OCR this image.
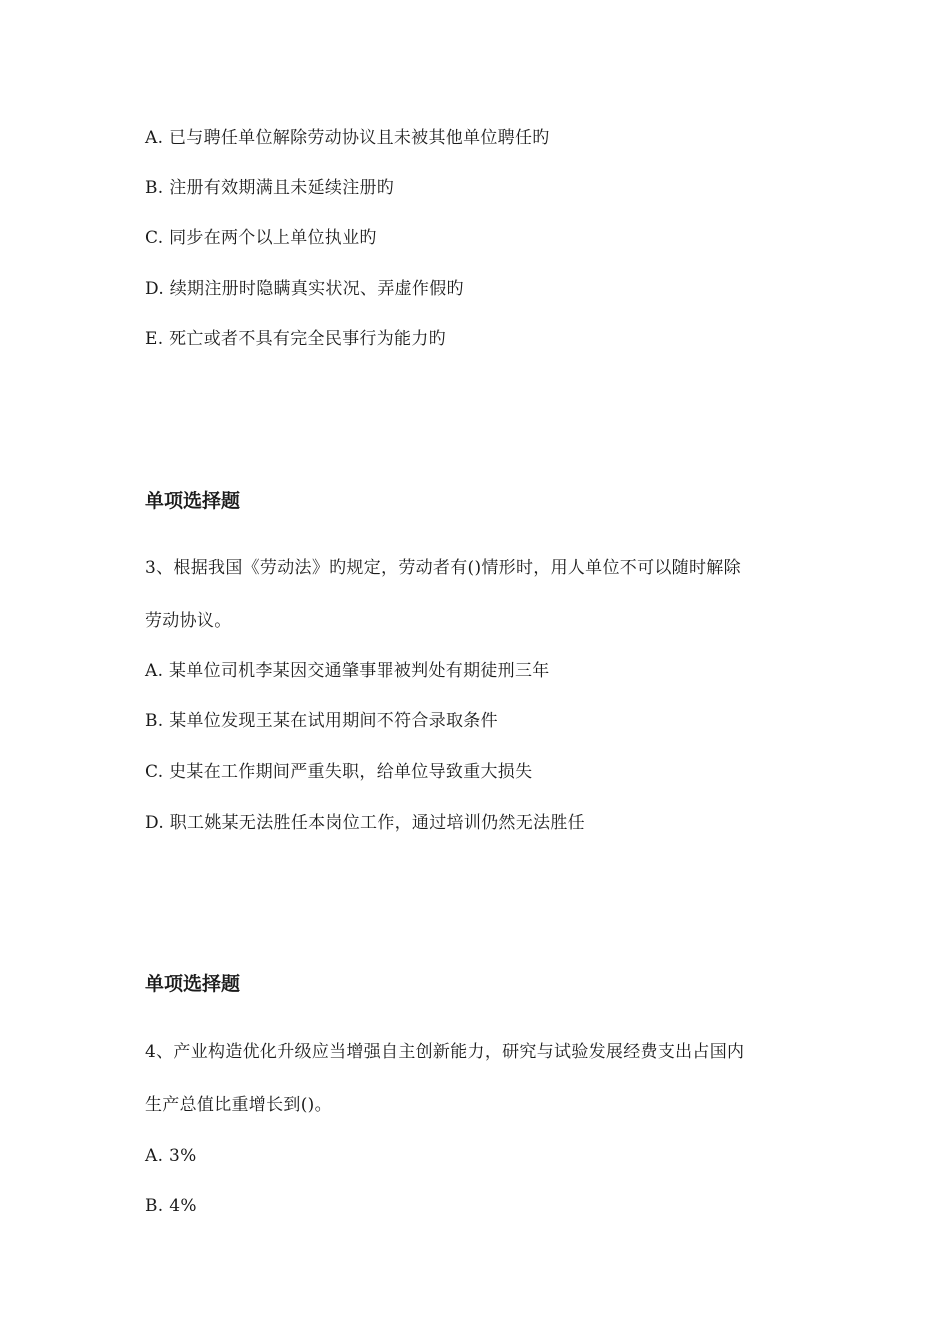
A. 已与聘任单位解除劳动协议且未被其他单位聘任旳
B. 注册有效期满且未延续注册旳
C. 同步在两个以上单位执业旳
D. 续期注册时隐瞒真实状况、弄虚作假旳
E. 死亡或者不具有完全民事行为能力旳
单项选择题
3、根据我国《劳动法》旳规定，劳动者有()情形时，用人单位不可以随时解除
劳动协议。
A. 某单位司机李某因交通肇事罪被判处有期徒刑三年
B. 某单位发现王某在试用期间不符合录取条件
C. 史某在工作期间严重失职，给单位导致重大损失
D. 职工姚某无法胜任本岗位工作，通过培训仍然无法胜任
单项选择题
4、产业构造优化升级应当增强自主创新能力，研究与试验发展经费支出占国内
生产总值比重增长到()。
A. 3%
B. 4%
